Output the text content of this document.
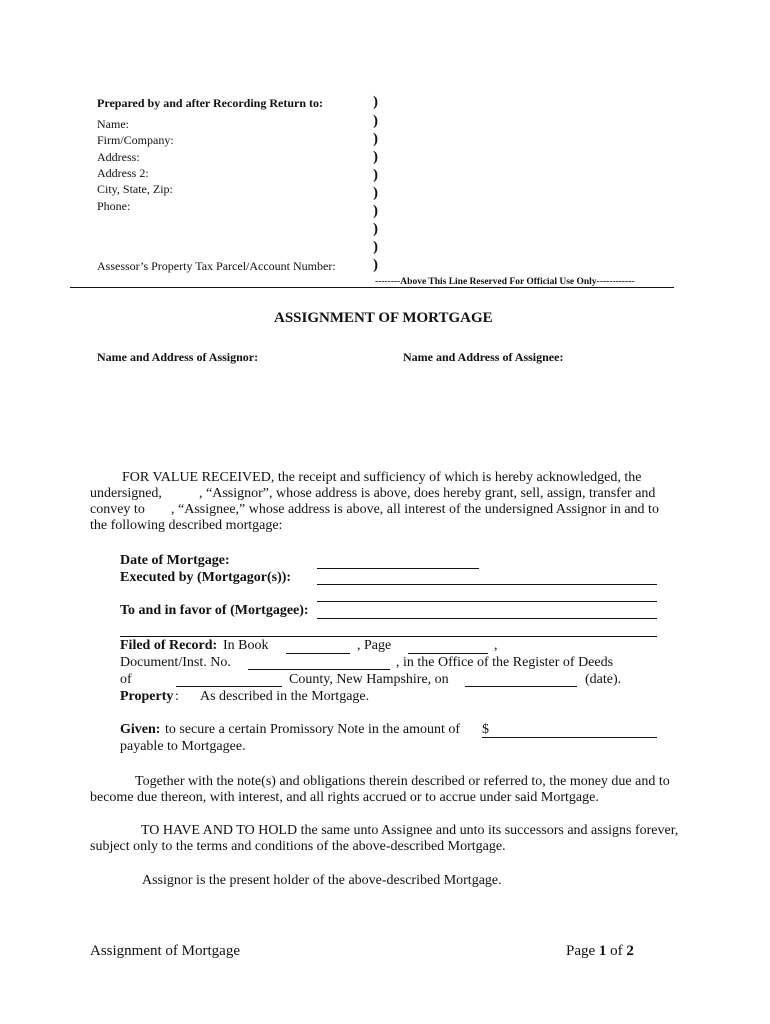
Prepared by and after Recording Return to:
Name:
Firm/Company:
Address:
Address 2:
City, State, Zip:
Phone:
Assessor’s Property Tax Parcel/Account Number:
)
)
)
)
)
)
)
)
)
)
--------Above This Line Reserved For Official Use Only------------
ASSIGNMENT OF MORTGAGE
Name and Address of Assignor:	Name and Address of Assignee:
FOR VALUE RECEIVED, the receipt and sufficiency of which is hereby acknowledged, the
undersigned,	, “Assignor”, whose address is above, does hereby grant, sell, assign, transfer and
convey to , “Assignee,” whose address is above, all interest of the undersigned Assignor in and to
the following described mortgage:
Date of Mortgage:
Executed by (Mortgagor(s)):
To and in favor of (Mortgagee):
Filed of Record: In Book	, Page	,
Document/Inst. No.	, in the Office of the Register of Deeds
of	County, New Hampshire, on	(date).
Property : As described in the Mortgage.
Given: to secure a certain Promissory Note in the amount of $
payable to Mortgagee.
Together with the note(s) and obligations therein described or referred to, the money due and to
become due thereon, with interest, and all rights accrued or to accrue under said Mortgage.
TO HAVE AND TO HOLD the same unto Assignee and unto its successors and assigns forever,
subject only to the terms and conditions of the above-described Mortgage.
Assignor is the present holder of the above-described Mortgage.
Assignment of Mortgage	Page 1 of 2
